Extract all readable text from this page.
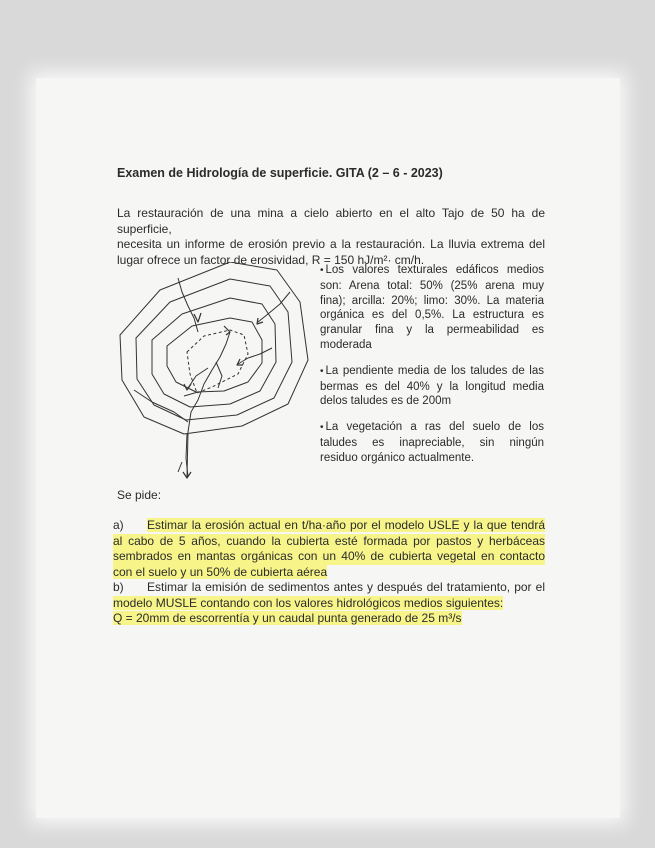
Examen de Hidrología de superficie. GITA (2 – 6 - 2023)

La restauración de una mina a cielo abierto en el alto Tajo de 50 ha de superficie,
necesita un informe de erosión previo a la restauración. La lluvia extrema del
lugar ofrece un factor de erosividad, R = 150 hJ/m²· cm/h.

• Los valores texturales edáficos medios
son: Arena total: 50% (25% arena muy
fina); arcilla: 20%; limo: 30%. La materia
orgánica es del 0,5%. La estructura es
granular fina y la permeabilidad es
moderada
• La pendiente media de los taludes de las
bermas es del 40% y la longitud media
delos taludes es de 200m
• La vegetación a ras del suelo de los
taludes es inapreciable, sin ningún
residuo orgánico actualmente.

Se pide:

a) Estimar la erosión actual en t/ha·año por el modelo USLE y la que tendrá
al cabo de 5 años, cuando la cubierta esté formada por pastos y herbáceas
sembrados en mantas orgánicas con un 40% de cubierta vegetal en contacto
con el suelo y un 50% de cubierta aérea
b) Estimar la emisión de sedimentos antes y después del tratamiento, por el
modelo MUSLE contando con los valores hidrológicos medios siguientes:
Q = 20mm de escorrentía y un caudal punta generado de 25 m³/s
